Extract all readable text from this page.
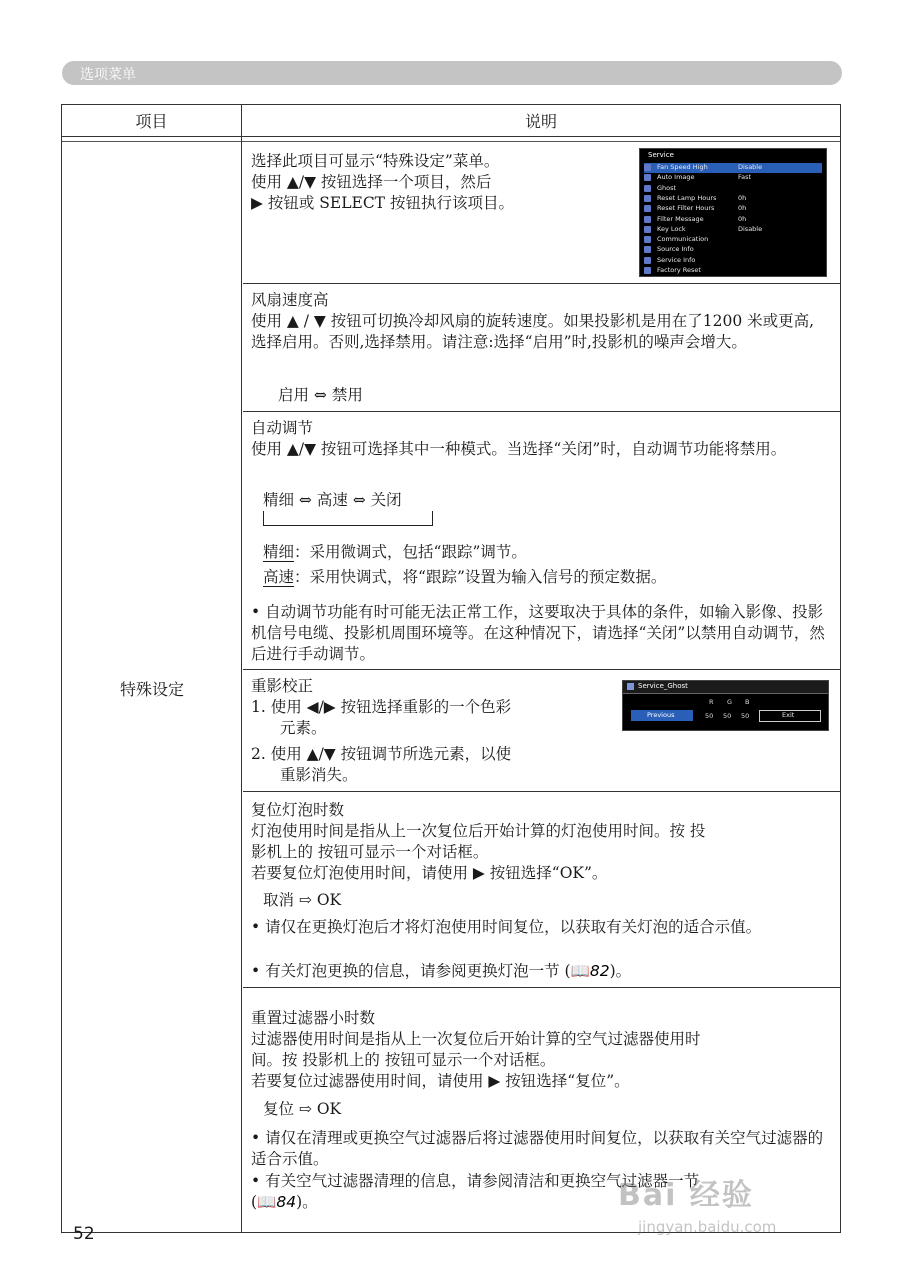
选项菜单
项目	说明
特殊设定
选择此项目可显示“特殊设定”菜单。
使用 ▲/▼ 按钮选择一个项目，然后
▶ 按钮或 SELECT 按钮执行该项目。
Service
Fan Speed High	Disable
Auto Image	Fast
Ghost
Reset Lamp Hours	0h
Reset Filter Hours	0h
Filter Message	0h
Key Lock	Disable
Communication
Source Info
Service Info
Factory Reset
风扇速度高
使用 ▲ / ▼ 按钮可切换冷却风扇的旋转速度。如果投影机是用在了1200 米或更高,选择启用。否则,选择禁用。请注意:选择“启用”时,投影机的噪声会增大。
启用 ⇔ 禁用
自动调节
使用 ▲/▼ 按钮可选择其中一种模式。当选择“关闭”时，自动调节功能将禁用。
精细 ⇔ 高速 ⇔ 关闭
精细：采用微调式，包括“跟踪”调节。
高速：采用快调式，将“跟踪”设置为输入信号的预定数据。
• 自动调节功能有时可能无法正常工作，这要取决于具体的条件，如输入影像、投影机信号电缆、投影机周围环境等。在这种情况下，请选择“关闭”以禁用自动调节，然后进行手动调节。
重影校正
1. 使用 ◀/▶ 按钮选择重影的一个色彩
元素。
2. 使用 ▲/▼ 按钮调节所选元素，以使
重影消失。
Service_Ghost
R G B
Previous	50 50 50	Exit
复位灯泡时数
灯泡使用时间是指从上一次复位后开始计算的灯泡使用时间。按 投
影机上的 按钮可显示一个对话框。
若要复位灯泡使用时间，请使用 ▶ 按钮选择“OK”。
取消 ⇨ OK
• 请仅在更换灯泡后才将灯泡使用时间复位，以获取有关灯泡的适合示值。
• 有关灯泡更换的信息，请参阅更换灯泡一节 (📖82)。
重置过滤器小时数
过滤器使用时间是指从上一次复位后开始计算的空气过滤器使用时
间。按 投影机上的 按钮可显示一个对话框。
若要复位过滤器使用时间，请使用 ▶ 按钮选择“复位”。
复位 ⇨ OK
• 请仅在清理或更换空气过滤器后将过滤器使用时间复位，以获取有关空气过滤器的适合示值。
• 有关空气过滤器清理的信息，请参阅清洁和更换空气过滤器一节
(📖84)。
52
Bai 经验
jingyan.baidu.com
